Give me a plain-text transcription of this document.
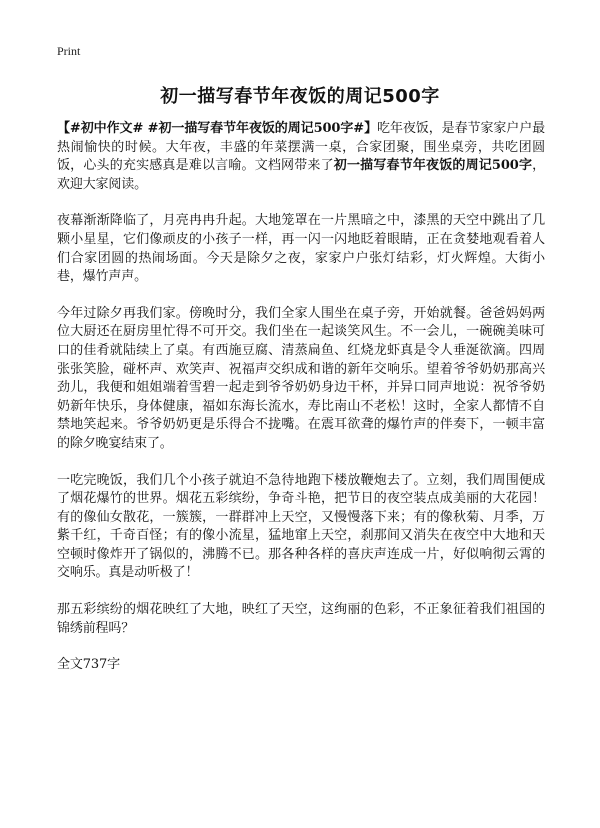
Print
初一描写春节年夜饭的周记500字

【#初中作文# #初一描写春节年夜饭的周记500字#】吃年夜饭，是春节家家户户最热闹愉快的时候。大年夜，丰盛的年菜摆满一桌，合家团聚，围坐桌旁，共吃团圆饭，心头的充实感真是难以言喻。文档网带来了初一描写春节年夜饭的周记500字，欢迎大家阅读。

夜幕渐渐降临了，月亮冉冉升起。大地笼罩在一片黑暗之中，漆黑的天空中跳出了几颗小星星，它们像顽皮的小孩子一样，再一闪一闪地眨着眼睛，正在贪婪地观看着人们合家团圆的热闹场面。今天是除夕之夜，家家户户张灯结彩，灯火辉煌。大街小巷，爆竹声声。

今年过除夕再我们家。傍晚时分，我们全家人围坐在桌子旁，开始就餐。爸爸妈妈两位大厨还在厨房里忙得不可开交。我们坐在一起谈笑风生。不一会儿，一碗碗美味可口的佳肴就陆续上了桌。有西施豆腐、清蒸扁鱼、红烧龙虾真是令人垂涎欲滴。四周张张笑脸，碰杯声、欢笑声、祝福声交织成和谐的新年交响乐。望着爷爷奶奶那高兴劲儿，我便和姐姐端着雪碧一起走到爷爷奶奶身边干杯，并异口同声地说：祝爷爷奶奶新年快乐，身体健康，福如东海长流水，寿比南山不老松！这时，全家人都情不自禁地笑起来。爷爷奶奶更是乐得合不拢嘴。在震耳欲聋的爆竹声的伴奏下，一顿丰富的除夕晚宴结束了。

一吃完晚饭，我们几个小孩子就迫不急待地跑下楼放鞭炮去了。立刻，我们周围便成了烟花爆竹的世界。烟花五彩缤纷，争奇斗艳，把节日的夜空装点成美丽的大花园！有的像仙女散花，一簇簇，一群群冲上天空，又慢慢落下来；有的像秋菊、月季，万紫千红，千奇百怪；有的像小流星，猛地窜上天空，刹那间又消失在夜空中大地和天空顿时像炸开了锅似的，沸腾不已。那各种各样的喜庆声连成一片，好似响彻云霄的交响乐。真是动听极了！

那五彩缤纷的烟花映红了大地，映红了天空，这绚丽的色彩，不正象征着我们祖国的锦绣前程吗？

全文737字
